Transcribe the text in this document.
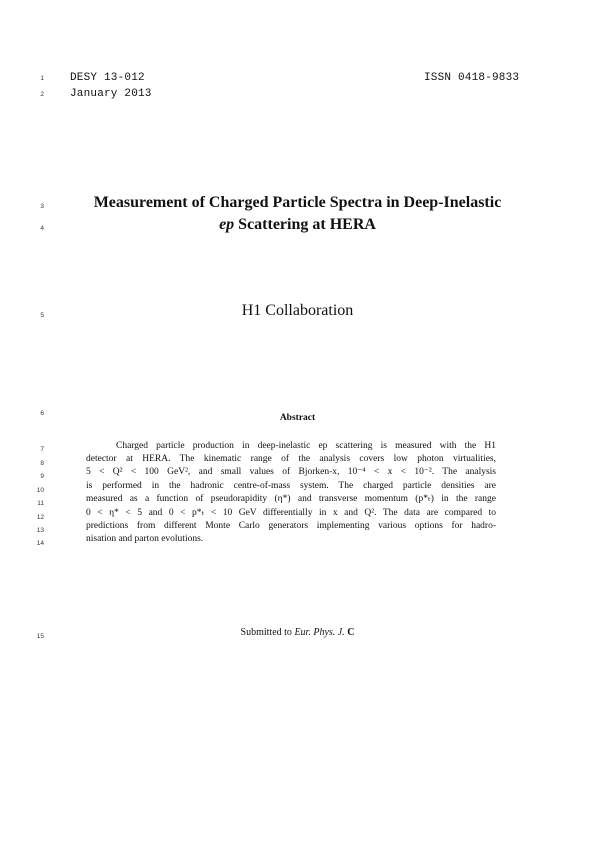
1 DESY 13-012	ISSN 0418-9833
2 January 2013
3	Measurement of Charged Particle Spectra in Deep-Inelastic
4	ep Scattering at HERA
5	H1 Collaboration
6	Abstract
7	Charged particle production in deep-inelastic ep scattering is measured with the H1
8	detector at HERA. The kinematic range of the analysis covers low photon virtualities,
9	5 < Q² < 100 GeV², and small values of Bjorken-x, 10⁻⁴ < x < 10⁻². The analysis
10	is performed in the hadronic centre-of-mass system. The charged particle densities are
11	measured as a function of pseudorapidity (η*) and transverse momentum (p*ₜ) in the range
12	0 < η* < 5 and 0 < p*ₜ < 10 GeV differentially in x and Q². The data are compared to
13	predictions from different Monte Carlo generators implementing various options for hadro-
14	nisation and parton evolutions.
15	Submitted to Eur. Phys. J. C
